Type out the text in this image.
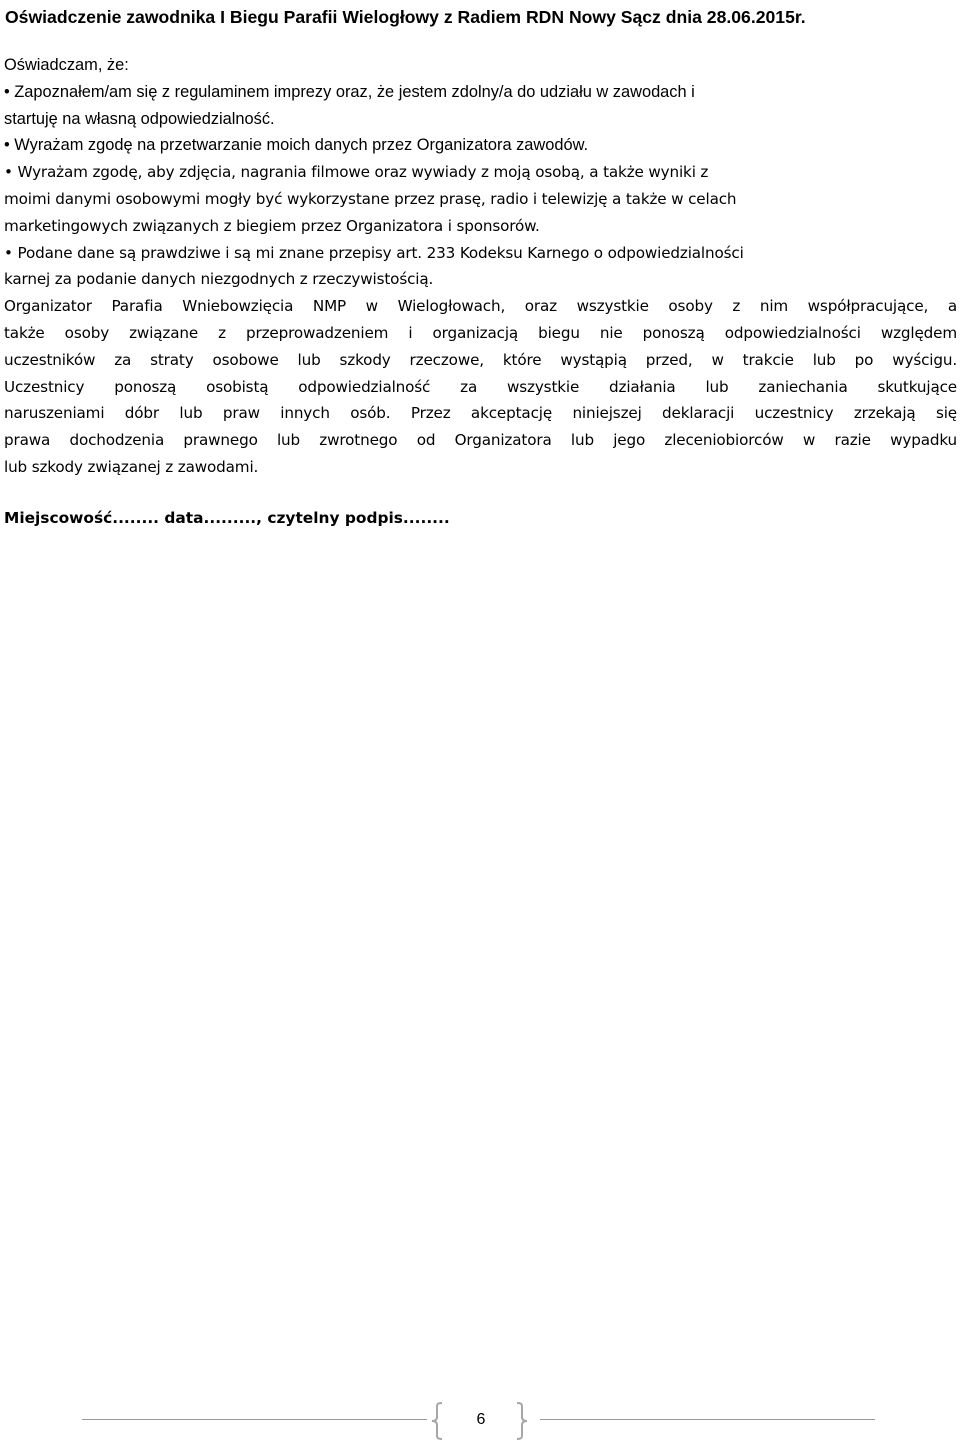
Oświadczenie zawodnika I Biegu Parafii Wielogłowy z Radiem RDN Nowy Sącz dnia 28.06.2015r.
Oświadczam, że:
• Zapoznałem/am się z regulaminem imprezy oraz, że jestem zdolny/a do udziału w zawodach i
startuję na własną odpowiedzialność.
• Wyrażam zgodę na przetwarzanie moich danych przez Organizatora zawodów.
• Wyrażam zgodę, aby zdjęcia, nagrania filmowe oraz wywiady z moją osobą, a także wyniki z
moimi danymi osobowymi mogły być wykorzystane przez prasę, radio i telewizję a także w celach
marketingowych związanych z biegiem przez Organizatora i sponsorów.
• Podane dane są prawdziwe i są mi znane przepisy art. 233 Kodeksu Karnego o odpowiedzialności
karnej za podanie danych niezgodnych z rzeczywistością.
Organizator Parafia Wniebowzięcia NMP w Wielogłowach, oraz wszystkie osoby z nim współpracujące, a
także osoby związane z przeprowadzeniem i organizacją biegu nie ponoszą odpowiedzialności względem
uczestników za straty osobowe lub szkody rzeczowe, które wystąpią przed, w trakcie lub po wyścigu.
Uczestnicy ponoszą osobistą odpowiedzialność za wszystkie działania lub zaniechania skutkujące
naruszeniami dóbr lub praw innych osób. Przez akceptację niniejszej deklaracji uczestnicy zrzekają się
prawa dochodzenia prawnego lub zwrotnego od Organizatora lub jego zleceniobiorców w razie wypadku
lub szkody związanej z zawodami.
Miejscowość........ data........., czytelny podpis........
6
